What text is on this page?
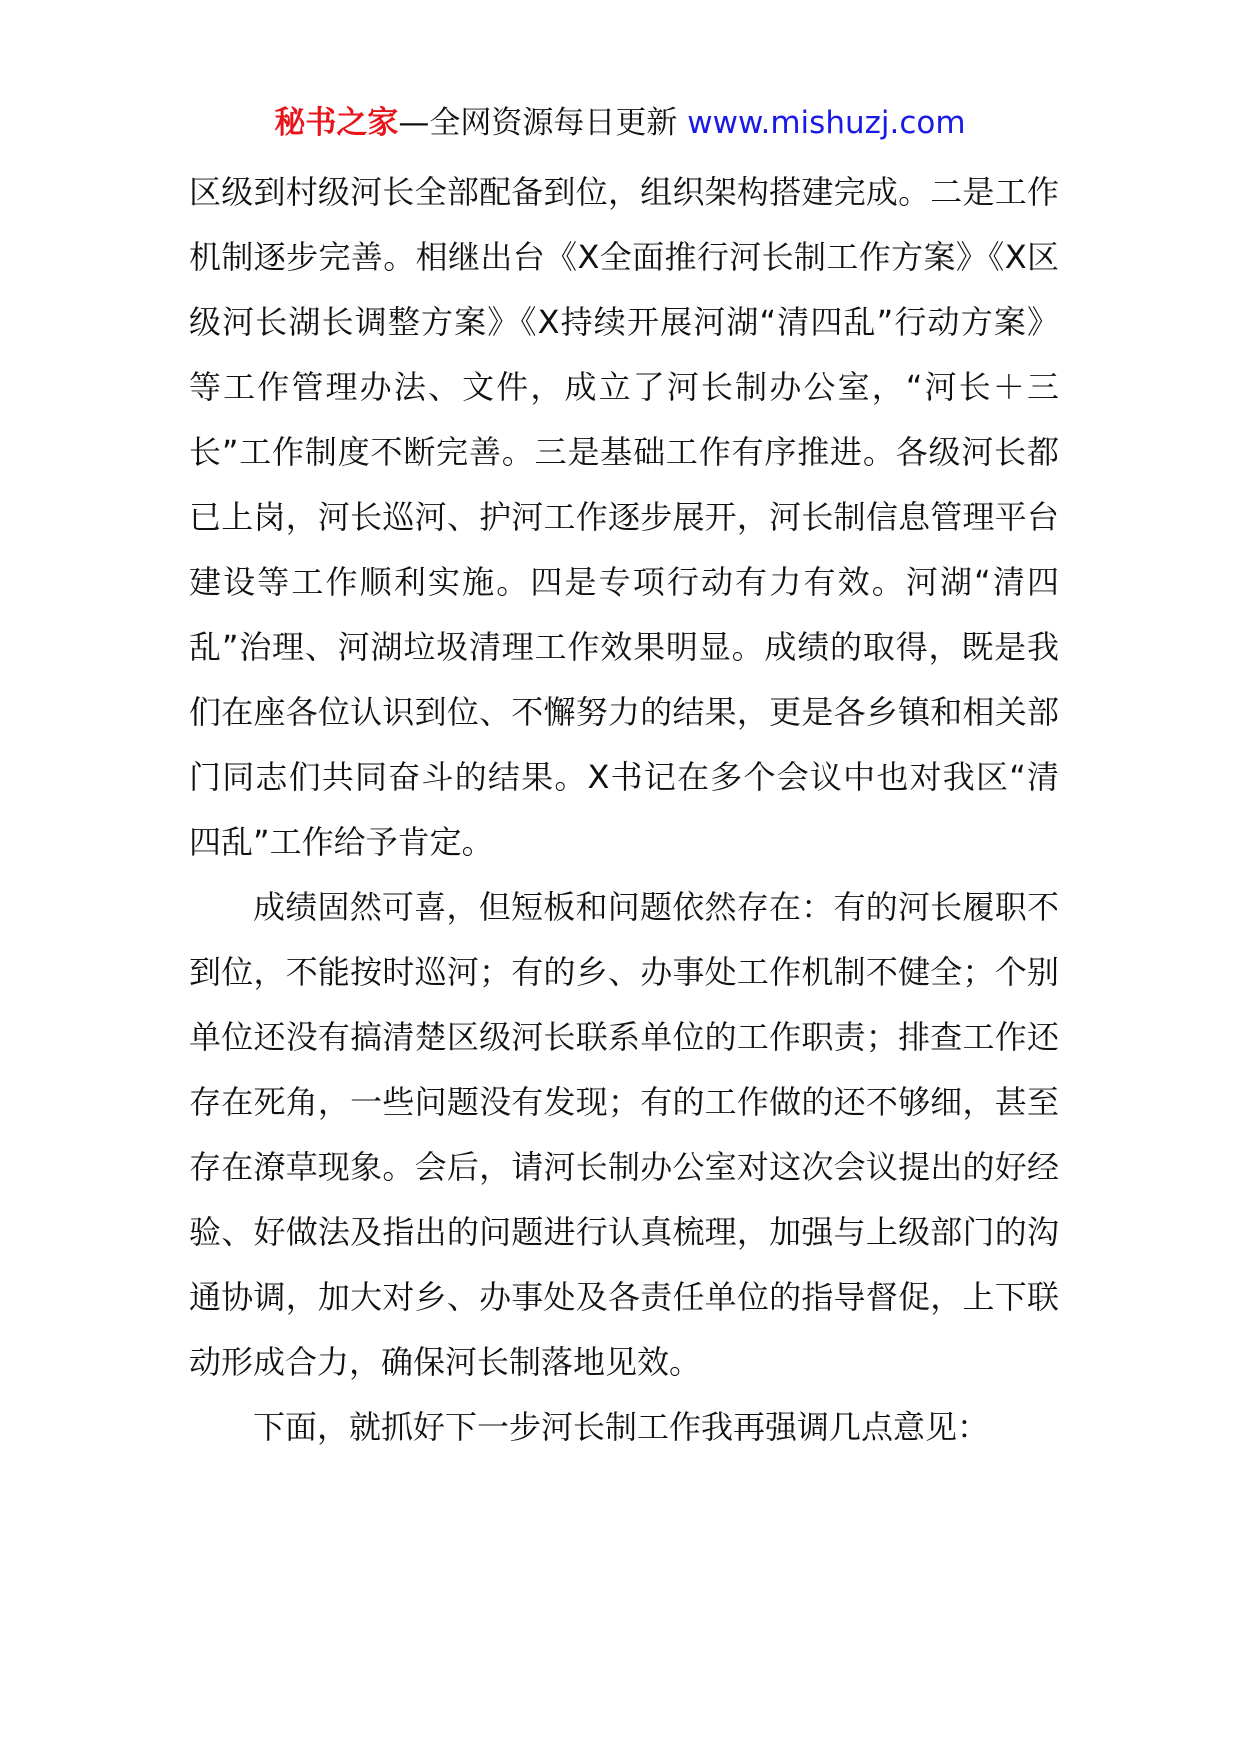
秘书之家—全网资源每日更新 www.mishuzj.com

区级到村级河长全部配备到位，组织架构搭建完成。二是工作机制逐步完善。相继出台《X全面推行河长制工作方案》《X区级河长湖长调整方案》《X持续开展河湖“清四乱”行动方案》等工作管理办法、文件，成立了河长制办公室，“河长＋三长”工作制度不断完善。三是基础工作有序推进。各级河长都已上岗，河长巡河、护河工作逐步展开，河长制信息管理平台建设等工作顺利实施。四是专项行动有力有效。河湖“清四乱”治理、河湖垃圾清理工作效果明显。成绩的取得，既是我们在座各位认识到位、不懈努力的结果，更是各乡镇和相关部门同志们共同奋斗的结果。X书记在多个会议中也对我区“清四乱”工作给予肯定。

成绩固然可喜，但短板和问题依然存在：有的河长履职不到位，不能按时巡河；有的乡、办事处工作机制不健全；个别单位还没有搞清楚区级河长联系单位的工作职责；排查工作还存在死角，一些问题没有发现；有的工作做的还不够细，甚至存在潦草现象。会后，请河长制办公室对这次会议提出的好经验、好做法及指出的问题进行认真梳理，加强与上级部门的沟通协调，加大对乡、办事处及各责任单位的指导督促，上下联动形成合力，确保河长制落地见效。

下面，就抓好下一步河长制工作我再强调几点意见：
